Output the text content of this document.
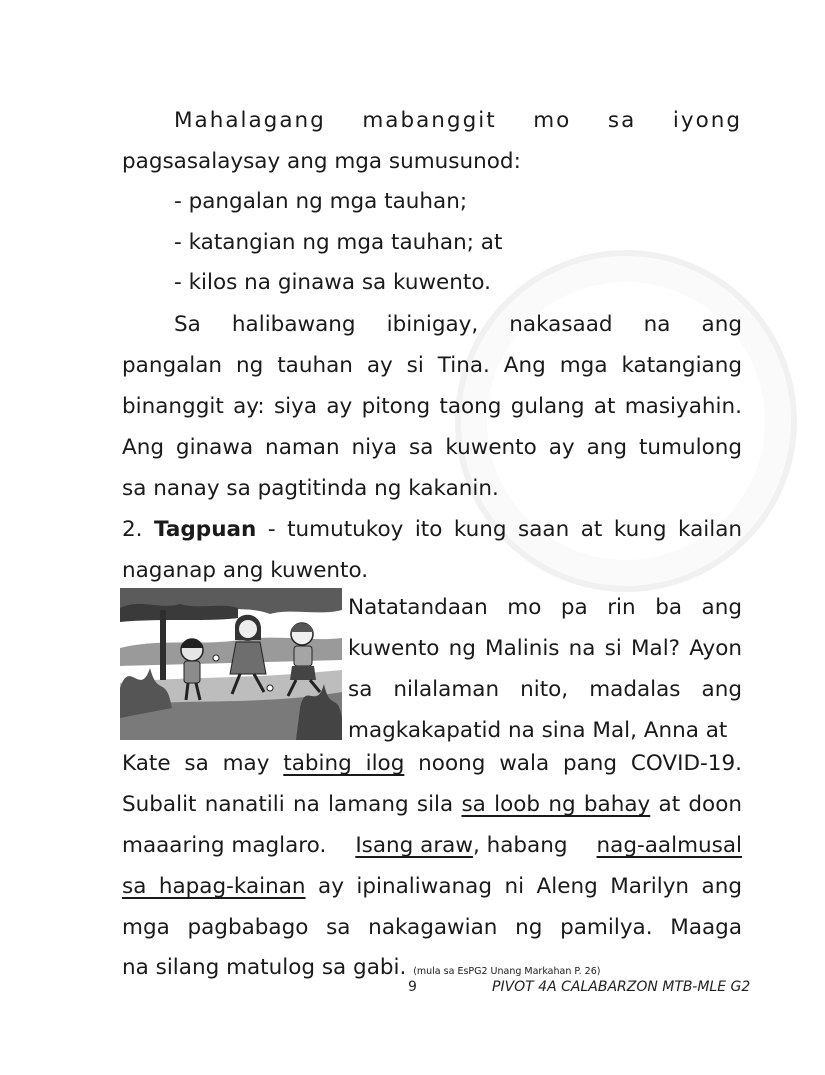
Mahalagang mabanggit mo sa iyong
pagsasalaysay ang mga sumusunod:
- pangalan ng mga tauhan;
- katangian ng mga tauhan; at
- kilos na ginawa sa kuwento.
Sa halibawang ibinigay, nakasaad na ang
pangalan ng tauhan ay si Tina. Ang mga katangiang
binanggit ay: siya ay pitong taong gulang at masiyahin.
Ang ginawa naman niya sa kuwento ay ang tumulong
sa nanay sa pagtitinda ng kakanin.
2. Tagpuan - tumutukoy ito kung saan at kung kailan
naganap ang kuwento.
Natatandaan mo pa rin ba ang
kuwento ng Malinis na si Mal? Ayon
sa nilalaman nito, madalas ang
magkakapatid na sina Mal, Anna at
Kate sa may tabing ilog noong wala pang COVID-19.
Subalit nanatili na lamang sila sa loob ng bahay at doon
maaaring maglaro. Isang araw, habang nag-aalmusal
sa hapag-kainan ay ipinaliwanag ni Aleng Marilyn ang
mga pagbabago sa nakagawian ng pamilya. Maaga
na silang matulog sa gabi. (mula sa EsPG2 Unang Markahan P. 26)
9	PIVOT 4A CALABARZON MTB-MLE G2
